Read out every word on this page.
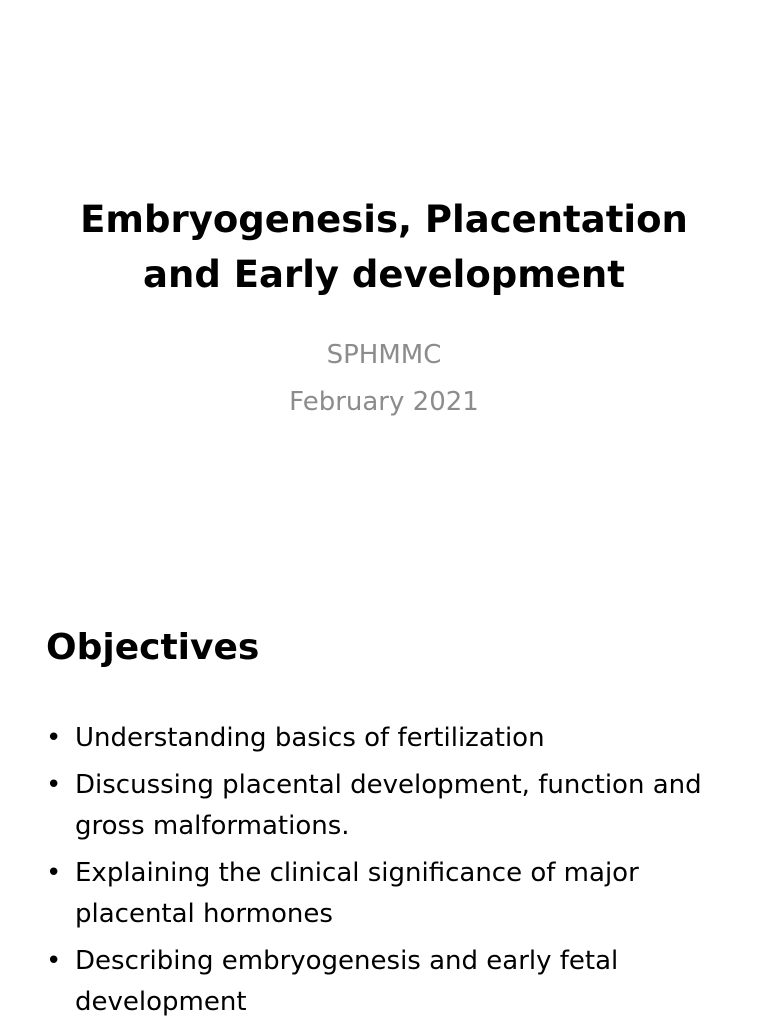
Embryogenesis, Placentation
and Early development
SPHMMC
February 2021
Objectives
• Understanding basics of fertilization
• Discussing placental development, function and gross malformations.
• Explaining the clinical significance of major placental hormones
• Describing embryogenesis and early fetal development
